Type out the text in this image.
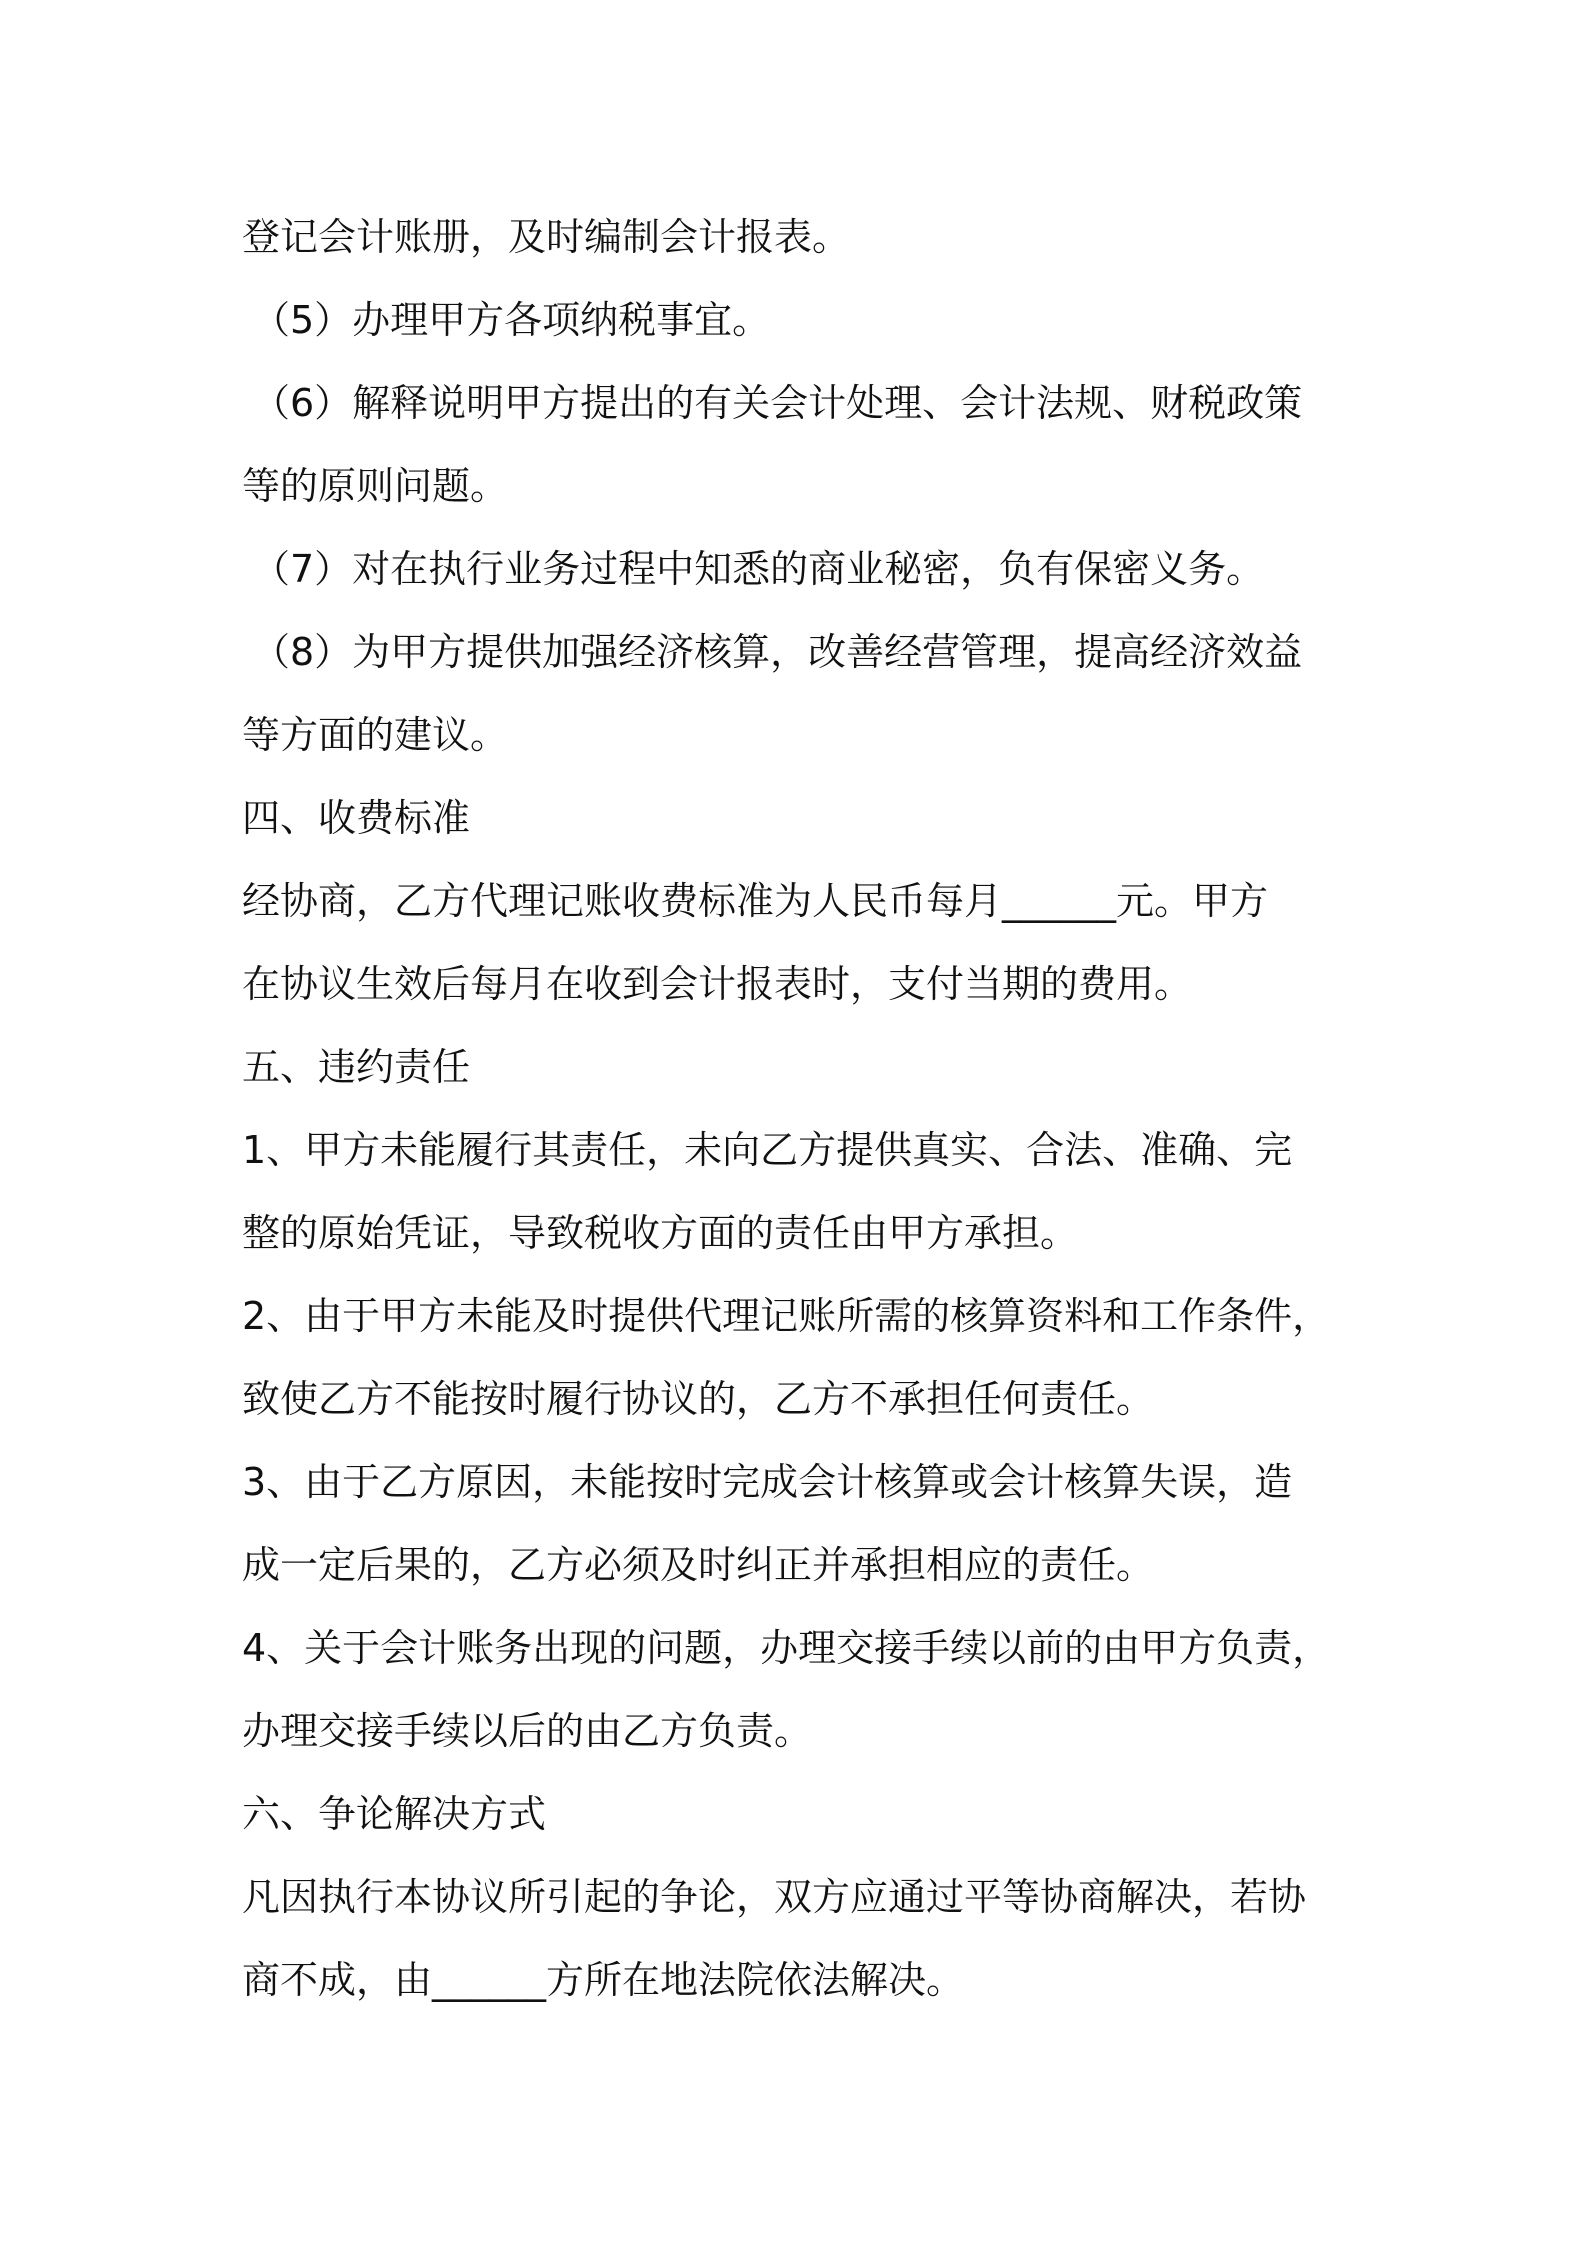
登记会计账册，及时编制会计报表。
（5）办理甲方各项纳税事宜。
（6）解释说明甲方提出的有关会计处理、会计法规、财税政策
等的原则问题。
（7）对在执行业务过程中知悉的商业秘密，负有保密义务。
（8）为甲方提供加强经济核算，改善经营管理，提高经济效益
等方面的建议。
四、收费标准
经协商，乙方代理记账收费标准为人民币每月______元。甲方
在协议生效后每月在收到会计报表时，支付当期的费用。
五、违约责任
1、甲方未能履行其责任，未向乙方提供真实、合法、准确、完
整的原始凭证，导致税收方面的责任由甲方承担。
2、由于甲方未能及时提供代理记账所需的核算资料和工作条件，
致使乙方不能按时履行协议的，乙方不承担任何责任。
3、由于乙方原因，未能按时完成会计核算或会计核算失误，造
成一定后果的，乙方必须及时纠正并承担相应的责任。
4、关于会计账务出现的问题，办理交接手续以前的由甲方负责，
办理交接手续以后的由乙方负责。
六、争论解决方式
凡因执行本协议所引起的争论，双方应通过平等协商解决，若协
商不成，由______方所在地法院依法解决。
